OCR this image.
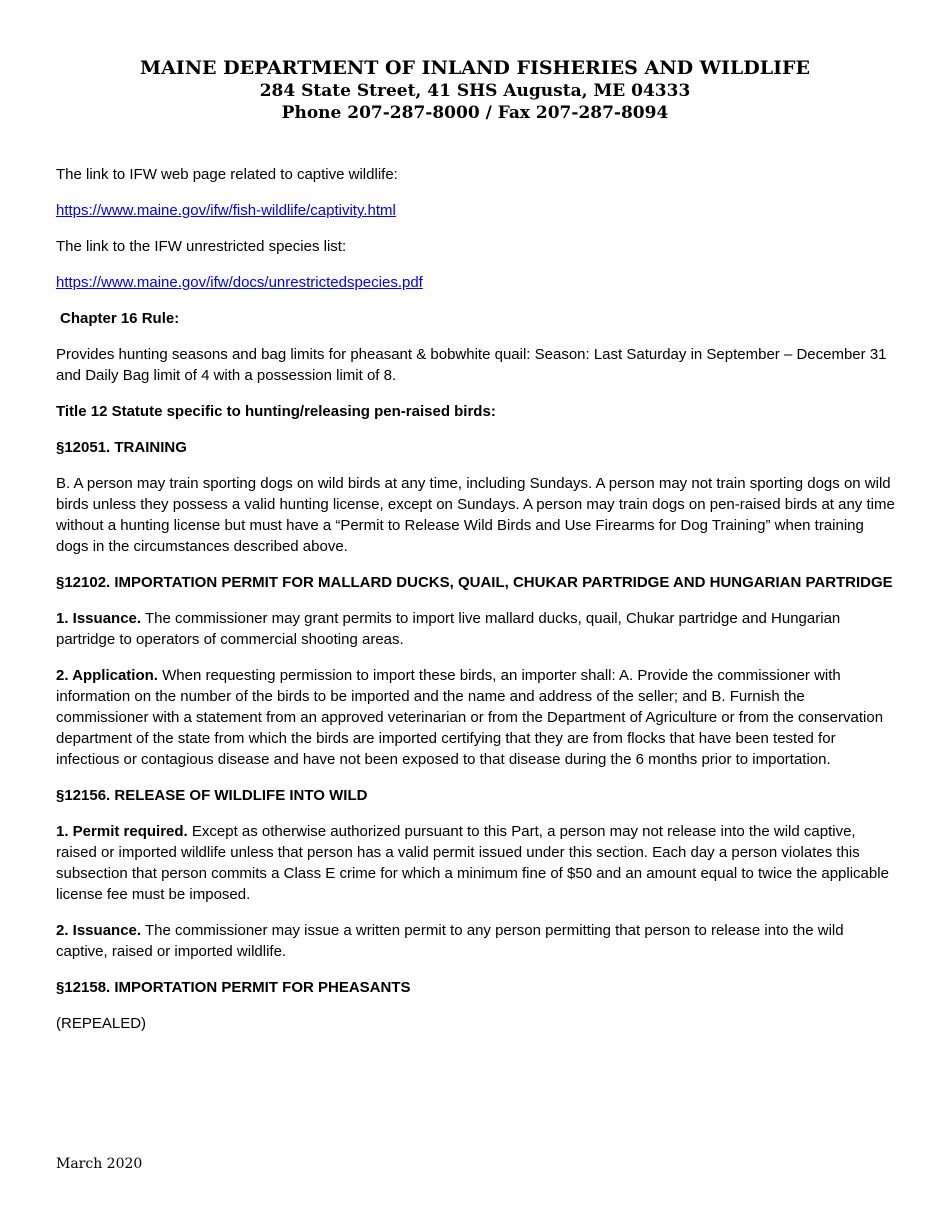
MAINE DEPARTMENT OF INLAND FISHERIES AND WILDLIFE
284 State Street, 41 SHS Augusta, ME 04333
Phone 207-287-8000 / Fax 207-287-8094

The link to IFW web page related to captive wildlife:

https://www.maine.gov/ifw/fish-wildlife/captivity.html

The link to the IFW unrestricted species list:

https://www.maine.gov/ifw/docs/unrestrictedspecies.pdf

Chapter 16 Rule:

Provides hunting seasons and bag limits for pheasant & bobwhite quail: Season: Last Saturday in September – December 31 and Daily Bag limit of 4 with a possession limit of 8.

Title 12 Statute specific to hunting/releasing pen-raised birds:

§12051. TRAINING

B. A person may train sporting dogs on wild birds at any time, including Sundays. A person may not train sporting dogs on wild birds unless they possess a valid hunting license, except on Sundays. A person may train dogs on pen-raised birds at any time without a hunting license but must have a “Permit to Release Wild Birds and Use Firearms for Dog Training” when training dogs in the circumstances described above.

§12102. IMPORTATION PERMIT FOR MALLARD DUCKS, QUAIL, CHUKAR PARTRIDGE AND HUNGARIAN PARTRIDGE

1. Issuance. The commissioner may grant permits to import live mallard ducks, quail, Chukar partridge and Hungarian partridge to operators of commercial shooting areas.

2. Application. When requesting permission to import these birds, an importer shall: A. Provide the commissioner with information on the number of the birds to be imported and the name and address of the seller; and B. Furnish the commissioner with a statement from an approved veterinarian or from the Department of Agriculture or from the conservation department of the state from which the birds are imported certifying that they are from flocks that have been tested for infectious or contagious disease and have not been exposed to that disease during the 6 months prior to importation.

§12156. RELEASE OF WILDLIFE INTO WILD

1. Permit required. Except as otherwise authorized pursuant to this Part, a person may not release into the wild captive, raised or imported wildlife unless that person has a valid permit issued under this section. Each day a person violates this subsection that person commits a Class E crime for which a minimum fine of $50 and an amount equal to twice the applicable license fee must be imposed.

2. Issuance. The commissioner may issue a written permit to any person permitting that person to release into the wild captive, raised or imported wildlife.

§12158. IMPORTATION PERMIT FOR PHEASANTS

(REPEALED)

March 2020
